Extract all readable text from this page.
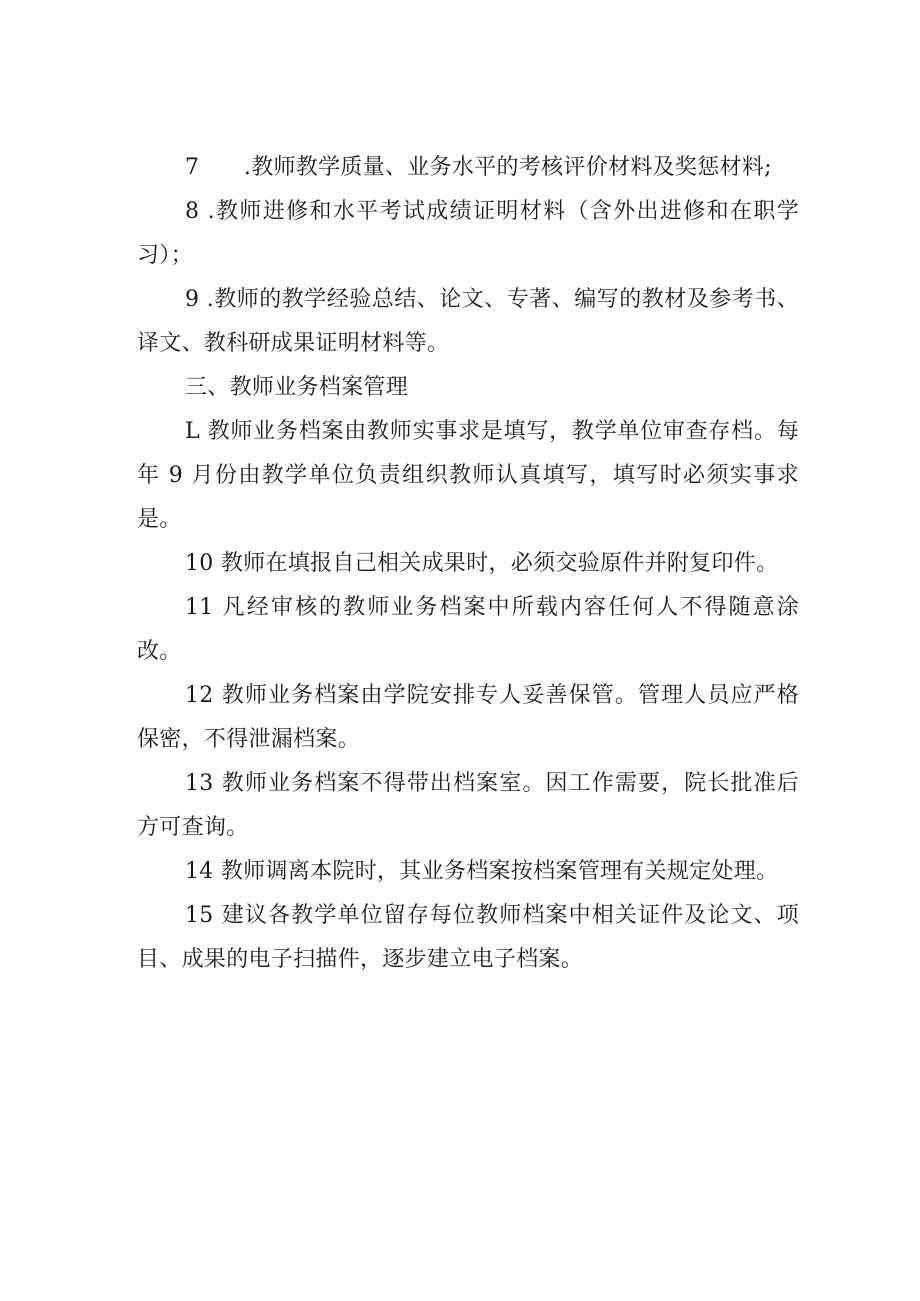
7　　.教师教学质量、业务水平的考核评价材料及奖惩材料;

8 .教师进修和水平考试成绩证明材料（含外出进修和在职学习）；

9 .教师的教学经验总结、论文、专著、编写的教材及参考书、译文、教科研成果证明材料等。

三、教师业务档案管理

L 教师业务档案由教师实事求是填写，教学单位审查存档。每年 9 月份由教学单位负责组织教师认真填写，填写时必须实事求是。

10 教师在填报自己相关成果时，必须交验原件并附复印件。

11 凡经审核的教师业务档案中所载内容任何人不得随意涂改。

12 教师业务档案由学院安排专人妥善保管。管理人员应严格保密，不得泄漏档案。

13 教师业务档案不得带出档案室。因工作需要，院长批准后方可查询。

14 教师调离本院时，其业务档案按档案管理有关规定处理。

15 建议各教学单位留存每位教师档案中相关证件及论文、项目、成果的电子扫描件，逐步建立电子档案。
